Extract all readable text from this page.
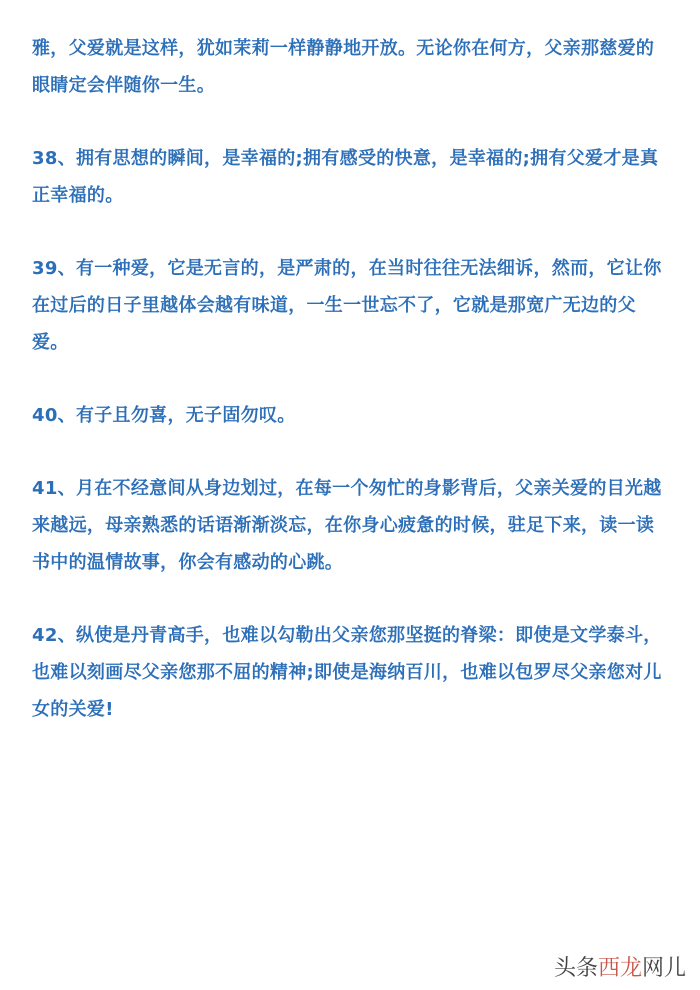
雅，父爱就是这样，犹如茉莉一样静静地开放。无论你在何方，父亲那慈爱的眼睛定会伴随你一生。

38、拥有思想的瞬间，是幸福的;拥有感受的快意，是幸福的;拥有父爱才是真正幸福的。

39、有一种爱，它是无言的，是严肃的，在当时往往无法细诉，然而，它让你在过后的日子里越体会越有味道，一生一世忘不了，它就是那宽广无边的父爱。

40、有子且勿喜，无子固勿叹。

41、月在不经意间从身边划过，在每一个匆忙的身影背后，父亲关爱的目光越来越远，母亲熟悉的话语渐渐淡忘，在你身心疲惫的时候，驻足下来，读一读书中的温情故事，你会有感动的心跳。

42、纵使是丹青高手，也难以勾勒出父亲您那坚挺的脊梁：即使是文学泰斗，也难以刻画尽父亲您那不屈的精神;即使是海纳百川，也难以包罗尽父亲您对儿女的关爱!

头条西龙网儿
